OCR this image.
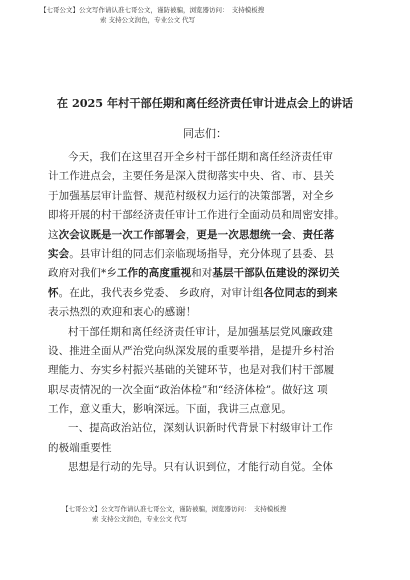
【七哥公文】公文写作请认准七哥公文，谨防被骗，浏览器访问：　支持模板搜
索 支持公文润色，专业公文 代写
在 2025 年村干部任期和离任经济责任审计进点会上的讲话
同志们：
今天，我们在这里召开全乡村干部任期和离任经济责任审
计工作进点会，主要任务是深入贯彻落实中央、省、市、县关
于加强基层审计监督、规范村级权力运行的决策部署，对全乡
即将开展的村干部经济责任审计工作进行全面动员和周密安排。
这次会议既是一次工作部署会，更是一次思想统一会、责任落
实会。县审计组的同志们亲临现场指导，充分体现了县委、县
政府对我们*乡工作的高度重视和对基层干部队伍建设的深切关
怀。在此，我代表乡党委、 乡政府，对审计组各位同志的到来
表示热烈的欢迎和衷心的感谢！
村干部任期和离任经济责任审计，是加强基层党风廉政建
设、推进全面从严治党向纵深发展的重要举措，是提升乡村治
理能力、夯实乡村振兴基础的关键环节，也是对我们村干部履
职尽责情况的一次全面“政治体检”和“经济体检”。做好这 项
工作，意义重大，影响深远。下面，我讲三点意见。
一、提高政治站位，深刻认识新时代背景下村级审计工作
的极端重要性
思想是行动的先导。只有认识到位，才能行动自觉。全体
【七哥公文】公文写作请认准七哥公文，谨防被骗，浏览器访问：　支持模板搜
索 支持公文润色，专业公文 代写
